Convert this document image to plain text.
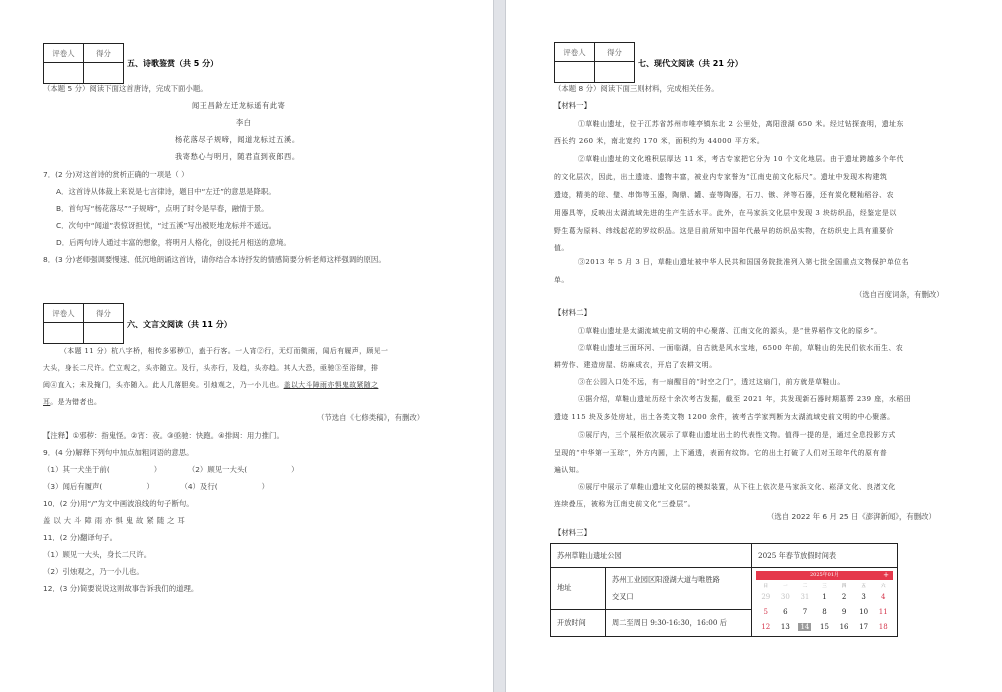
评卷人	得分

五、诗歌鉴赏（共 5 分）
（本题 5 分）阅读下面这首唐诗，完成下面小题。
闻王昌龄左迁龙标遥有此寄
李白
杨花落尽子规啼，闻道龙标过五溪。
我寄愁心与明月，随君直到夜郎西。
7．(2 分)对这首诗的赏析正确的一项是（ ）
A．这首诗从体裁上来说是七言律诗，题目中“左迁”的意思是降职。
B．首句写“杨花落尽”“子规啼”，点明了时令是早春，融情于景。
C．次句中“闻道”表惊讶担忧，“过五溪”写出被贬地龙标并不遥远。
D．后两句诗人通过丰富的想象，将明月人格化，创设托月相送的意境。
8．(3 分)老师强调要慢速、低沉地朗诵这首诗，请你结合本诗抒发的情感简要分析老师这样强调的原因。
评卷人	得分

六、文言文阅读（共 11 分）
（本题 11 分）杭八字桥，相传多邪秽①，盍于行客。一人宵②行，无灯而微雨，闻后有履声，顾见一
大头，身长二尺许。伫立观之，头亦随立。及行，头亦行，及趋，头亦趋。其人大恐，亟驰③至浴肆，排
闼④直入；未及掩门，头亦随入。此人几落胆矣。引烛观之，乃一小儿也。盖以大斗障雨亦惧鬼故紧随之
耳。是为错者也。
（节选自《七修类稿》，有删改）
【注释】①邪秽：指鬼怪。②宵：夜。③亟驰：快跑。④排闼：用力推门。
9．(4 分)解释下列句中加点加粗词语的意思。
（1）其一犬坐于前(	）	（2）顾见一大头(	）
（3）闻后有履声(	）	（4）及行(	）
10．(2 分)用“/”为文中画波浪线的句子断句。
盖 以 大 斗 障 雨 亦 惧 鬼 故 紧 随 之 耳
11．(2 分)翻译句子。
（1）顾见一大头，身长二尺许。
（2）引烛观之，乃一小儿也。
12．(3 分)简要说说这则故事告诉我们的道理。
评卷人	得分

七、现代文阅读（共 21 分）
（本题 8 分）阅读下面三则材料，完成相关任务。
【材料一】
①草鞋山遗址，位于江苏省苏州市唯亭镇东北 2 公里处，离阳澄湖 650 米。经过钻探查明，遗址东
西长约 260 米，南北宽约 170 米，面积约为 44000 平方米。
②草鞋山遗址的文化堆积层厚达 11 米，考古专家把它分为 10 个文化地层。由于遗址跨越多个年代
的文化层次，因此，出土遗迹、遗物丰富，被业内专家誉为“江南史前文化标尺”。遗址中发现木构建筑
遗迹，精美的琮、璧、串饰等玉器，陶鼎、罐、壶等陶器，石刀、镞、斧等石器，还有炭化粳籼稻谷、农
用器具等，反映出太湖流域先进的生产生活水平。此外，在马家浜文化层中发现 3 块纺织品，经鉴定是以
野生葛为原料、纬线起花的罗纹织品。这是目前所知中国年代最早的纺织品实物，在纺织史上具有重要价
值。
③2013 年 5 月 3 日，草鞋山遗址被中华人民共和国国务院批准列入第七批全国重点文物保护单位名
单。
（选自百度词条，有删改）
【材料二】
①草鞋山遗址是太湖流域史前文明的中心聚落、江南文化的源头，是“世界稻作文化的原乡”。
②草鞋山遗址三面环河、一面临湖，自古就是风水宝地，6500 年前，草鞋山的先民们依水而生、农
耕劳作、建造房屋、纺麻成衣，开启了农耕文明。
③在公园入口处不远，有一扇醒目的“时空之门”，透过这扇门，前方就是草鞋山。
④据介绍，草鞋山遗址历经十余次考古发掘，截至 2021 年，共发现新石器时期墓葬 239 座，水稻田
遗迹 115 块及多处房址，出土各类文物 1200 余件，被考古学家判断为太湖流域史前文明的中心聚落。
⑤展厅内，三个展柜依次展示了草鞋山遗址出土的代表性文物。值得一提的是，通过全息投影方式
呈现的“中华第一玉琮”，外方内圆，上下通透，表面有纹饰。它的出土打破了人们对玉琮年代的原有普
遍认知。
⑥展厅中展示了草鞋山遗址文化层的模拟装置，从下往上依次是马家浜文化、崧泽文化、良渚文化
连续叠压，被称为江南史前文化“三叠层”。
（选自 2022 年 6 月 25 日《澎湃新闻》，有删改）
【材料三】
苏州草鞋山遗址公园		2025 年春节放假时间表
地址	苏州工业园区阳澄湖大道与唯胜路
交叉口	
2025年01月	+
日	一	二	三	四	五	六
29	30	31	1	2	3	4
5	6	7	8	9	10	11
12	13	14	15	16	17	18

开放时间	周二至周日 9:30-16:30，16:00 后	
